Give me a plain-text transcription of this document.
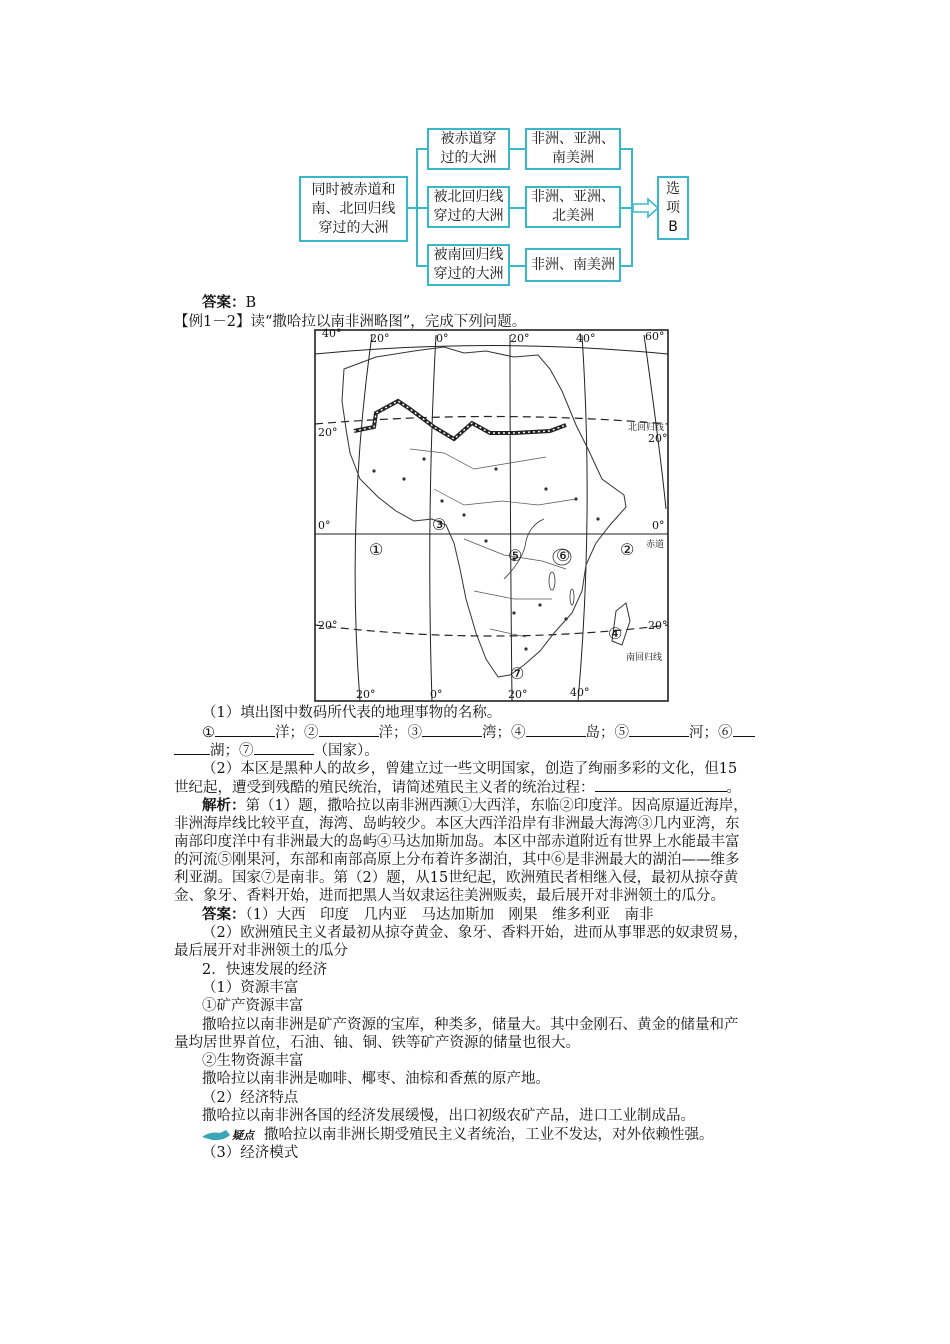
同时被赤道和
南、北回归线
穿过的大洲
被赤道穿
过的大洲
被北回归线
穿过的大洲
被南回归线
穿过的大洲
非洲、亚洲、
南美洲
非洲、亚洲、
北美洲
非洲、南美洲
选
项
B
答案：B
【例1－2】读“撒哈拉以南非洲略图”，完成下列问题。
40°	20°	0°	20°	40°	60°
北回归线
20°	20°
0°	0°
赤道
20°	20°
南回归线
20°	0°	20°	40°
①	②
③
④
⑤ ⑥
⑦
（1）填出图中数码所代表的地理事物的名称。
①	洋；②	洋；③	湾；④	岛；⑤	河；⑥
湖；⑦	（国家）。
（2）本区是黑种人的故乡，曾建立过一些文明国家，创造了绚丽多彩的文化，但15
世纪起，遭受到残酷的殖民统治，请简述殖民主义者的统治过程：	。
解析：第（1）题，撒哈拉以南非洲西濒①大西洋，东临②印度洋。因高原逼近海岸，
非洲海岸线比较平直，海湾、岛屿较少。本区大西洋沿岸有非洲最大海湾③几内亚湾，东
南部印度洋中有非洲最大的岛屿④马达加斯加岛。本区中部赤道附近有世界上水能最丰富
的河流⑤刚果河，东部和南部高原上分布着许多湖泊，其中⑥是非洲最大的湖泊——维多
利亚湖。国家⑦是南非。第（2）题，从15世纪起，欧洲殖民者相继入侵，最初从掠夺黄
金、象牙、香料开始，进而把黑人当奴隶运往美洲贩卖，最后展开对非洲领土的瓜分。
答案：（1）大西　印度　几内亚　马达加斯加　刚果　维多利亚　南非
（2）欧洲殖民主义者最初从掠夺黄金、象牙、香料开始，进而从事罪恶的奴隶贸易，
最后展开对非洲领土的瓜分
2．快速发展的经济
（1）资源丰富
①矿产资源丰富
撒哈拉以南非洲是矿产资源的宝库，种类多，储量大。其中金刚石、黄金的储量和产
量均居世界首位，石油、铀、铜、铁等矿产资源的储量也很大。
②生物资源丰富
撒哈拉以南非洲是咖啡、椰枣、油棕和香蕉的原产地。
（2）经济特点
撒哈拉以南非洲各国的经济发展缓慢，出口初级农矿产品，进口工业制成品。
疑点 撒哈拉以南非洲长期受殖民主义者统治，工业不发达，对外依赖性强。
（3）经济模式
